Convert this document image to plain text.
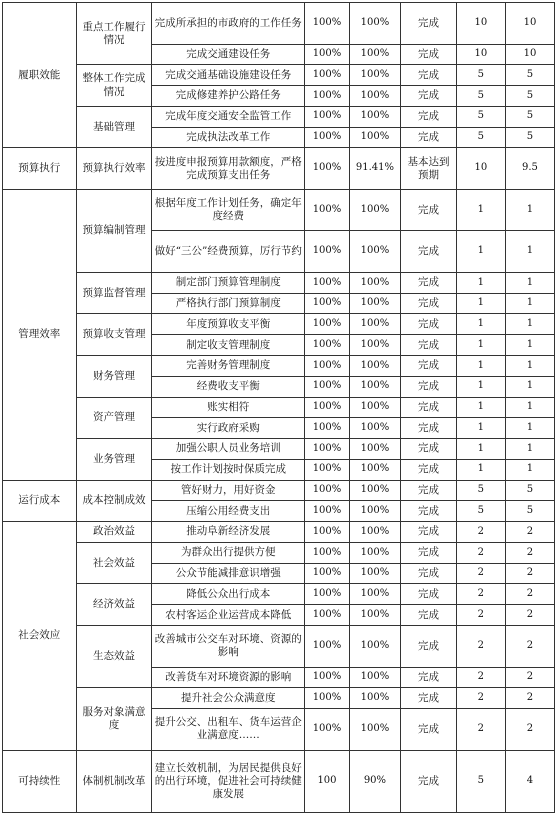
履职效能	重点工作履行情况	完成所承担的市政府的工作任务	100%	100%	完成	10	10
		完成交通建设任务	100%	100%	完成	10	10
	整体工作完成情况	完成交通基础设施建设任务	100%	100%	完成	5	5
		完成修建养护公路任务	100%	100%	完成	5	5
	基础管理	完成年度交通安全监管工作	100%	100%	完成	5	5
		完成执法改革工作	100%	100%	完成	5	5
预算执行	预算执行效率	按进度申报预算用款额度，严格完成预算支出任务	100%	91.41%	基本达到预期	10	9.5
管理效率	预算编制管理	根据年度工作计划任务，确定年度经费	100%	100%	完成	1	1
		做好“三公”经费预算，厉行节约	100%	100%	完成	1	1
	预算监督管理	制定部门预算管理制度	100%	100%	完成	1	1
		严格执行部门预算制度	100%	100%	完成	1	1
	预算收支管理	年度预算收支平衡	100%	100%	完成	1	1
		制定收支管理制度	100%	100%	完成	1	1
	财务管理	完善财务管理制度	100%	100%	完成	1	1
		经费收支平衡	100%	100%	完成	1	1
	资产管理	账实相符	100%	100%	完成	1	1
		实行政府采购	100%	100%	完成	1	1
	业务管理	加强公职人员业务培训	100%	100%	完成	1	1
		按工作计划按时保质完成	100%	100%	完成	1	1
运行成本	成本控制成效	管好财力，用好资金	100%	100%	完成	5	5
		压缩公用经费支出	100%	100%	完成	5	5
社会效应	政治效益	推动阜新经济发展	100%	100%	完成	2	2
	社会效益	为群众出行提供方便	100%	100%	完成	2	2
		公众节能减排意识增强	100%	100%	完成	2	2
	经济效益	降低公众出行成本	100%	100%	完成	2	2
		农村客运企业运营成本降低	100%	100%	完成	2	2
	生态效益	改善城市公交车对环境、资源的影响	100%	100%	完成	2	2
		改善货车对环境资源的影响	100%	100%	完成	2	2
	服务对象满意度	提升社会公众满意度	100%	100%	完成	2	2
		提升公交、出租车、货车运营企业满意度……	100%	100%	完成	2	2
可持续性	体制机制改革	建立长效机制，为居民提供良好的出行环境，促进社会可持续健康发展	100	90%	完成	5	4
